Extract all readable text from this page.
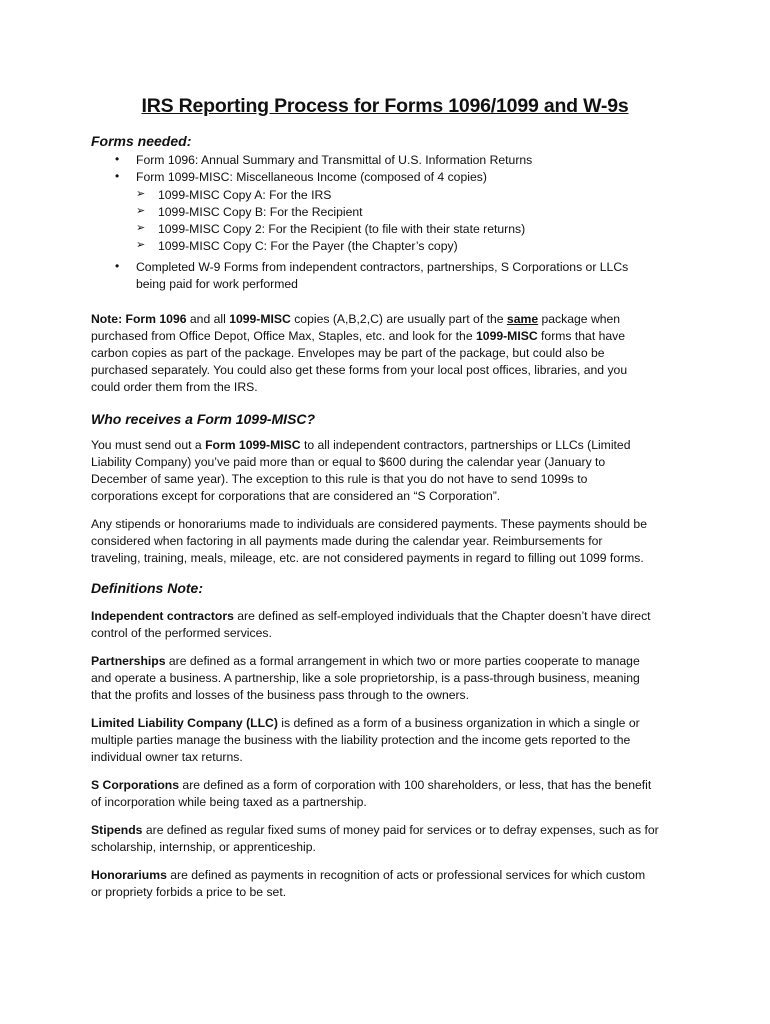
IRS Reporting Process for Forms 1096/1099 and W-9s
Forms needed:
• Form 1096: Annual Summary and Transmittal of U.S. Information Returns
• Form 1099-MISC: Miscellaneous Income (composed of 4 copies)
➢ 1099-MISC Copy A: For the IRS
➢ 1099-MISC Copy B: For the Recipient
➢ 1099-MISC Copy 2: For the Recipient (to file with their state returns)
➢ 1099-MISC Copy C: For the Payer (the Chapter’s copy)
• Completed W-9 Forms from independent contractors, partnerships, S Corporations or LLCs
being paid for work performed
Note: Form 1096 and all 1099-MISC copies (A,B,2,C) are usually part of the same package when
purchased from Office Depot, Office Max, Staples, etc. and look for the 1099-MISC forms that have
carbon copies as part of the package. Envelopes may be part of the package, but could also be
purchased separately. You could also get these forms from your local post offices, libraries, and you
could order them from the IRS.
Who receives a Form 1099-MISC?
You must send out a Form 1099-MISC to all independent contractors, partnerships or LLCs (Limited
Liability Company) you’ve paid more than or equal to $600 during the calendar year (January to
December of same year). The exception to this rule is that you do not have to send 1099s to
corporations except for corporations that are considered an “S Corporation”.
Any stipends or honorariums made to individuals are considered payments. These payments should be
considered when factoring in all payments made during the calendar year. Reimbursements for
traveling, training, meals, mileage, etc. are not considered payments in regard to filling out 1099 forms.
Definitions Note:
Independent contractors are defined as self-employed individuals that the Chapter doesn’t have direct
control of the performed services.
Partnerships are defined as a formal arrangement in which two or more parties cooperate to manage
and operate a business. A partnership, like a sole proprietorship, is a pass-through business, meaning
that the profits and losses of the business pass through to the owners.
Limited Liability Company (LLC) is defined as a form of a business organization in which a single or
multiple parties manage the business with the liability protection and the income gets reported to the
individual owner tax returns.
S Corporations are defined as a form of corporation with 100 shareholders, or less, that has the benefit
of incorporation while being taxed as a partnership.
Stipends are defined as regular fixed sums of money paid for services or to defray expenses, such as for
scholarship, internship, or apprenticeship.
Honorariums are defined as payments in recognition of acts or professional services for which custom
or propriety forbids a price to be set.
